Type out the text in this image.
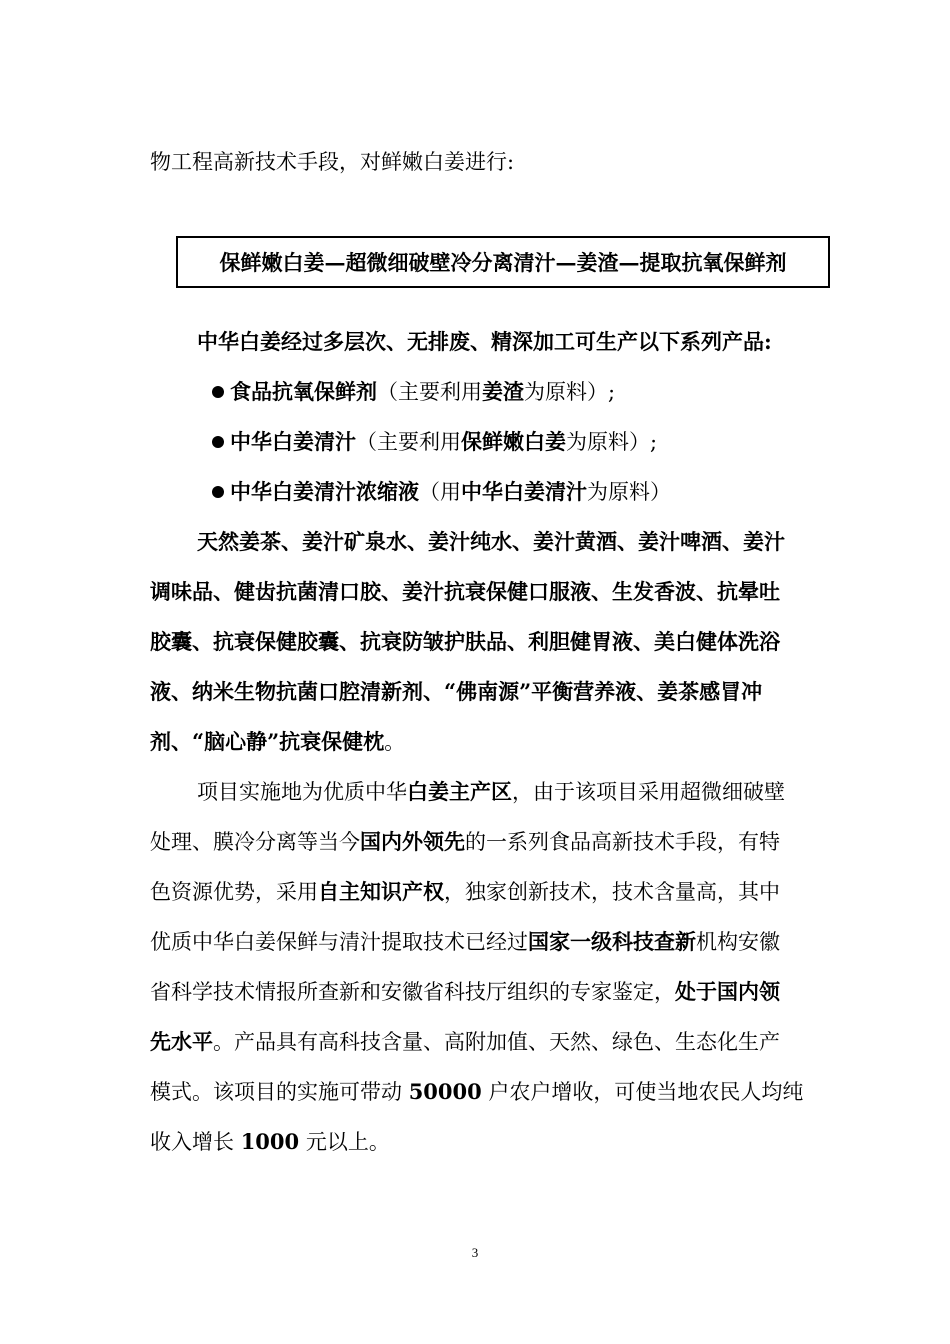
物工程高新技术手段，对鲜嫩白姜进行:
保鲜嫩白姜—超微细破壁冷分离清汁—姜渣—提取抗氧保鲜剂
中华白姜经过多层次、无排废、精深加工可生产以下系列产品:
食品抗氧保鲜剂（主要利用姜渣为原料）;
中华白姜清汁（主要利用保鲜嫩白姜为原料）;
中华白姜清汁浓缩液（用中华白姜清汁为原料）
天然姜茶、姜汁矿泉水、姜汁纯水、姜汁黄酒、姜汁啤酒、姜汁
调味品、健齿抗菌清口胶、姜汁抗衰保健口服液、生发香波、抗晕吐
胶囊、抗衰保健胶囊、抗衰防皱护肤品、利胆健胃液、美白健体洗浴
液、纳米生物抗菌口腔清新剂、“佛南源”平衡营养液、姜茶感冒冲
剂、“脑心静”抗衰保健枕。
项目实施地为优质中华白姜主产区，由于该项目采用超微细破壁
处理、膜冷分离等当今国内外领先的一系列食品高新技术手段，有特
色资源优势，采用自主知识产权，独家创新技术，技术含量高，其中
优质中华白姜保鲜与清汁提取技术已经过国家一级科技查新机构安徽
省科学技术情报所查新和安徽省科技厅组织的专家鉴定，处于国内领
先水平。产品具有高科技含量、高附加值、天然、绿色、生态化生产
模式。该项目的实施可带动 50000 户农户增收，可使当地农民人均纯
收入增长 1000 元以上。
3
